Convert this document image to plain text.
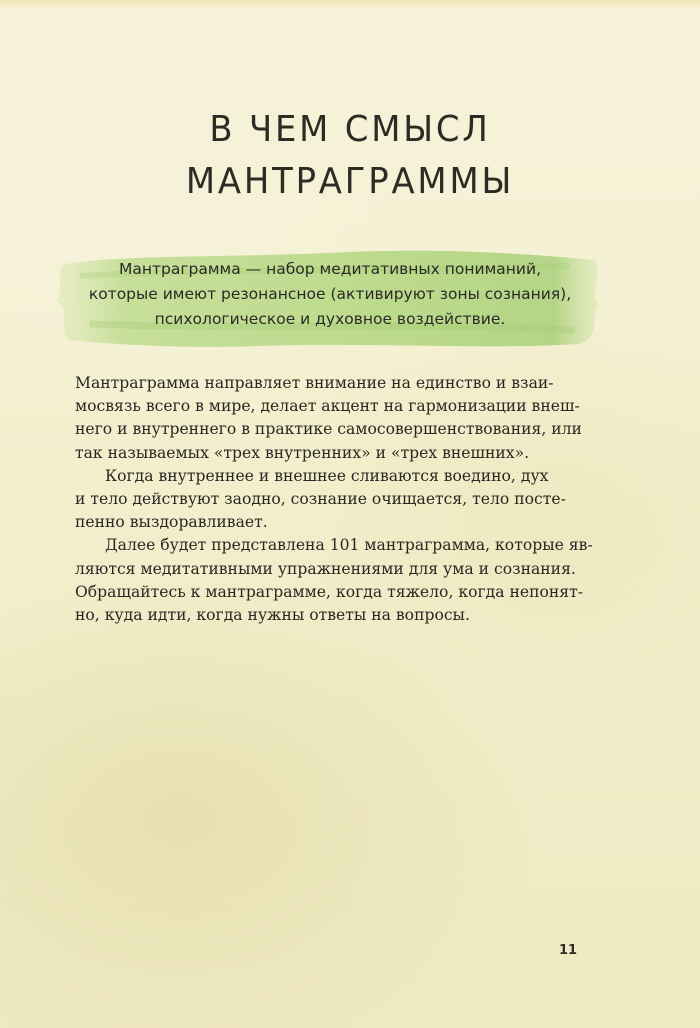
В ЧЕМ СМЫСЛ
МАНТРАГРАММЫ
Мантраграмма — набор медитативных пониманий,
которые имеют резонансное (активируют зоны сознания),
психологическое и духовное воздействие.

Мантраграмма направляет внимание на единство и взаи-
мосвязь всего в мире, делает акцент на гармонизации внеш-
него и внутреннего в практике самосовершенствования, или
так называемых «трех внутренних» и «трех внешних».

Когда внутреннее и внешнее сливаются воедино, дух
и тело действуют заодно, сознание очищается, тело посте-
пенно выздоравливает.

Далее будет представлена 101 мантраграмма, которые яв-
ляются медитативными упражнениями для ума и сознания.
Обращайтесь к мантраграмме, когда тяжело, когда непонят-
но, куда идти, когда нужны ответы на вопросы.

11
